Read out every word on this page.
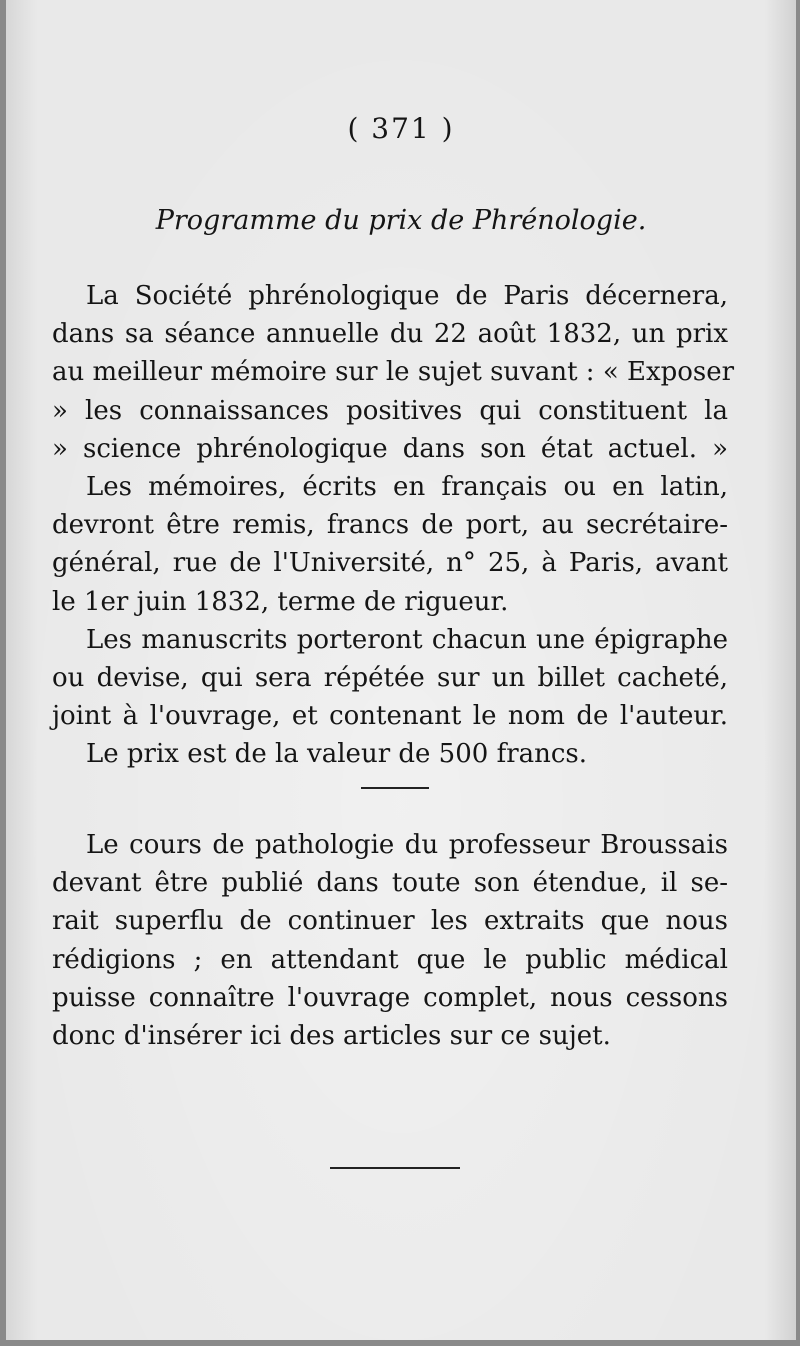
( 371 )
Programme du prix de Phrénologie.
La Société phrénologique de Paris décernera,
dans sa séance annuelle du 22 août 1832, un prix
au meilleur mémoire sur le sujet suvant : « Exposer
» les connaissances positives qui constituent la
» science phrénologique dans son état actuel. »
Les mémoires, écrits en français ou en latin,
devront être remis, francs de port, au secrétaire-
général, rue de l'Université, n° 25, à Paris, avant
le 1er juin 1832, terme de rigueur.
Les manuscrits porteront chacun une épigraphe
ou devise, qui sera répétée sur un billet cacheté,
joint à l'ouvrage, et contenant le nom de l'auteur.
Le prix est de la valeur de 500 francs.
Le cours de pathologie du professeur Broussais
devant être publié dans toute son étendue, il se-
rait superflu de continuer les extraits que nous
rédigions ; en attendant que le public médical
puisse connaître l'ouvrage complet, nous cessons
donc d'insérer ici des articles sur ce sujet.
